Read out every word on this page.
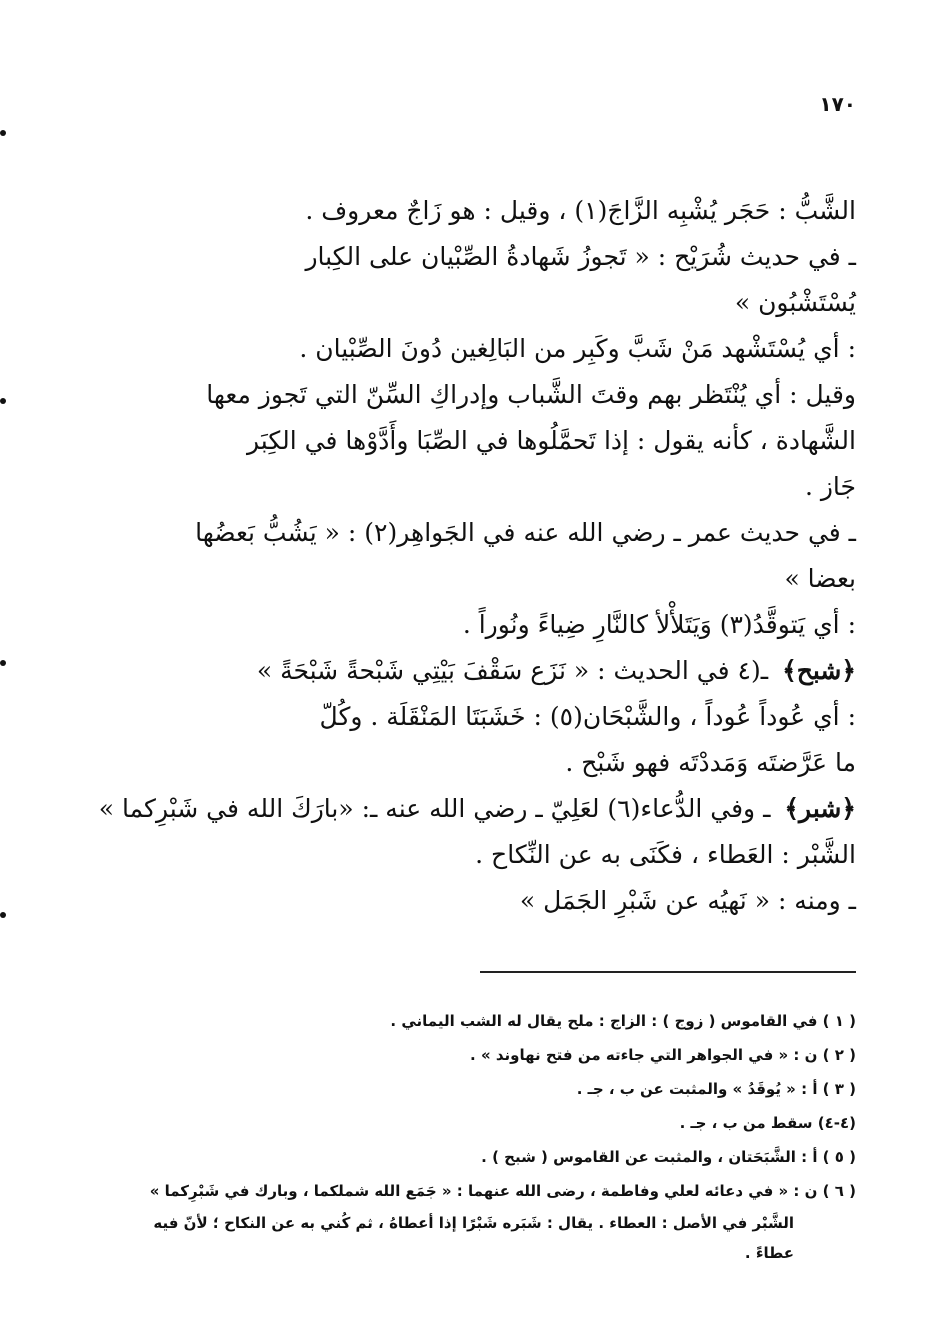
١٧٠
الشَّبُّ : حَجَر يُشْبِه الزَّاجَ(١) ، وقيل : هو زَاجٌ معروف .
ـ في حديث شُرَيْح : « تَجوزُ شَهادةُ الصِّبْيان على الكِبار
يُسْتَشْبُون »
: أي يُسْتَشْهد مَنْ شَبَّ وكَبِر من البَالِغين دُونَ الصِّبْيان .
وقيل : أي يُنْتَظر بهم وقتَ الشَّباب وإدراكِ السِّنّ التي تَجوز معها
الشَّهادة ، كأنه يقول : إذا تَحمَّلُوها في الصِّبَا وأَدَّوْها في الكِبَر
جَاز .
ـ في حديث عمر ـ رضي الله عنه في الجَواهِر(٢) : « يَشُبُّ بَعضُها
بعضا »
: أي يَتوقَّدُ(٣) وَيَتَلأْلأ كالنَّارِ ضِياءً ونُوراً .
﴿شبح﴾ـ(٤ في الحديث : « نَزَع سَقْفَ بَيْتِي شَبْحةً شَبْحَةً »
: أي عُوداً عُوداً ، والشَّبْحَان(٥) : خَشَبَتَا المَنْقَلَة . وكُلّ
ما عَرَّضتَه وَمَددْتَه فهو شَبْح .
﴿شبر﴾ـ وفي الدُّعاء(٦) لعَلِيّ ـ رضي الله عنه ـ: «بارَكَ الله في شَبْرِكما »
الشَّبْر : العَطاء ، فكَنَى به عن النِّكاح .
ـ ومنه : « نَهيُه عن شَبْرِ الجَمَل »
( ١ ) في القاموس ( زوج ) : الزاج : ملح يقال له الشب اليماني .
( ٢ ) ن : « في الجواهر التي جاءته من فتح نهاوند » .
( ٣ ) أ : « يُوقَدُ » والمثبت عن ب ، جـ .
(٤-٤) سقط من ب ، جـ .
( ٥ ) أ : الشَّبَحَتان ، والمثبت عن القاموس ( شبح ) .
( ٦ ) ن : « في دعائه لعلي وفاطمة ، رضى الله عنهما : « جَمَع الله شملكما ، وبارك في شَبْرِكما »
الشَّبْر في الأصل : العطاء . يقال : شَبَره شَبْرًا إذا أعطاهُ ، ثم كُني به عن النكاح ؛ لأنّ فيه
عطاءً .
